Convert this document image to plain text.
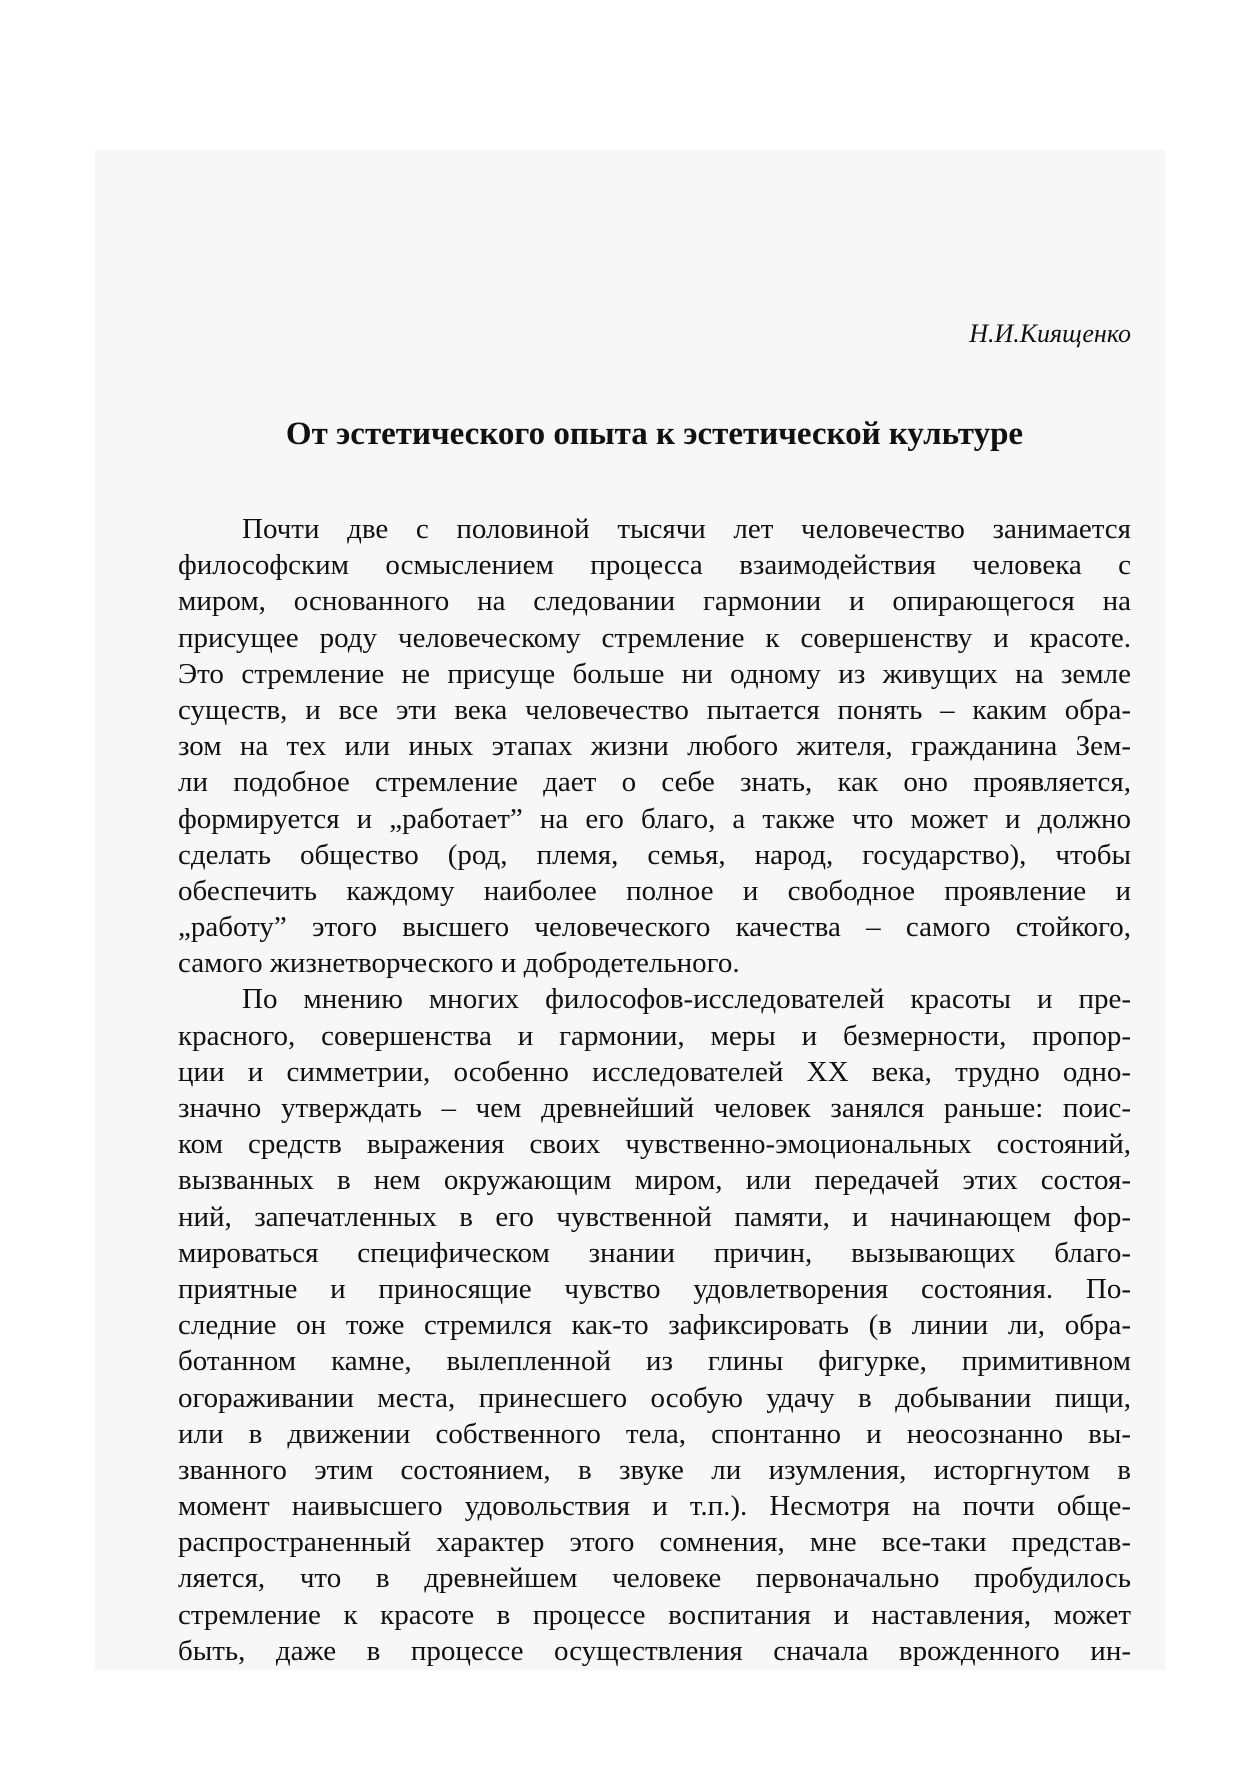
Н.И.Киященко
От эстетического опыта к эстетической культуре
Почти две с половиной тысячи лет человечество занимается
философским осмыслением процесса взаимодействия человека с
миром, основанного на следовании гармонии и опирающегося на
присущее роду человеческому стремление к совершенству и красоте.
Это стремление не присуще больше ни одному из живущих на земле
существ, и все эти века человечество пытается понять – каким обра-
зом на тех или иных этапах жизни любого жителя, гражданина Зем-
ли подобное стремление дает о себе знать, как оно проявляется,
формируется и „работает” на его благо, а также что может и должно
сделать общество (род, племя, семья, народ, государство), чтобы
обеспечить каждому наиболее полное и свободное проявление и
„работу” этого высшего человеческого качества – самого стойкого,
самого жизнетворческого и добродетельного.
По мнению многих философов-исследователей красоты и пре-
красного, совершенства и гармонии, меры и безмерности, пропор-
ции и симметрии, особенно исследователей XX века, трудно одно-
значно утверждать – чем древнейший человек занялся раньше: поис-
ком средств выражения своих чувственно-эмоциональных состояний,
вызванных в нем окружающим миром, или передачей этих состоя-
ний, запечатленных в его чувственной памяти, и начинающем фор-
мироваться специфическом знании причин, вызывающих благо-
приятные и приносящие чувство удовлетворения состояния. По-
следние он тоже стремился как-то зафиксировать (в линии ли, обра-
ботанном камне, вылепленной из глины фигурке, примитивном
огораживании места, принесшего особую удачу в добывании пищи,
или в движении собственного тела, спонтанно и неосознанно вы-
званного этим состоянием, в звуке ли изумления, исторгнутом в
момент наивысшего удовольствия и т.п.). Несмотря на почти обще-
распространенный характер этого сомнения, мне все-таки представ-
ляется, что в древнейшем человеке первоначально пробудилось
стремление к красоте в процессе воспитания и наставления, может
быть, даже в процессе осуществления сначала врожденного ин-
